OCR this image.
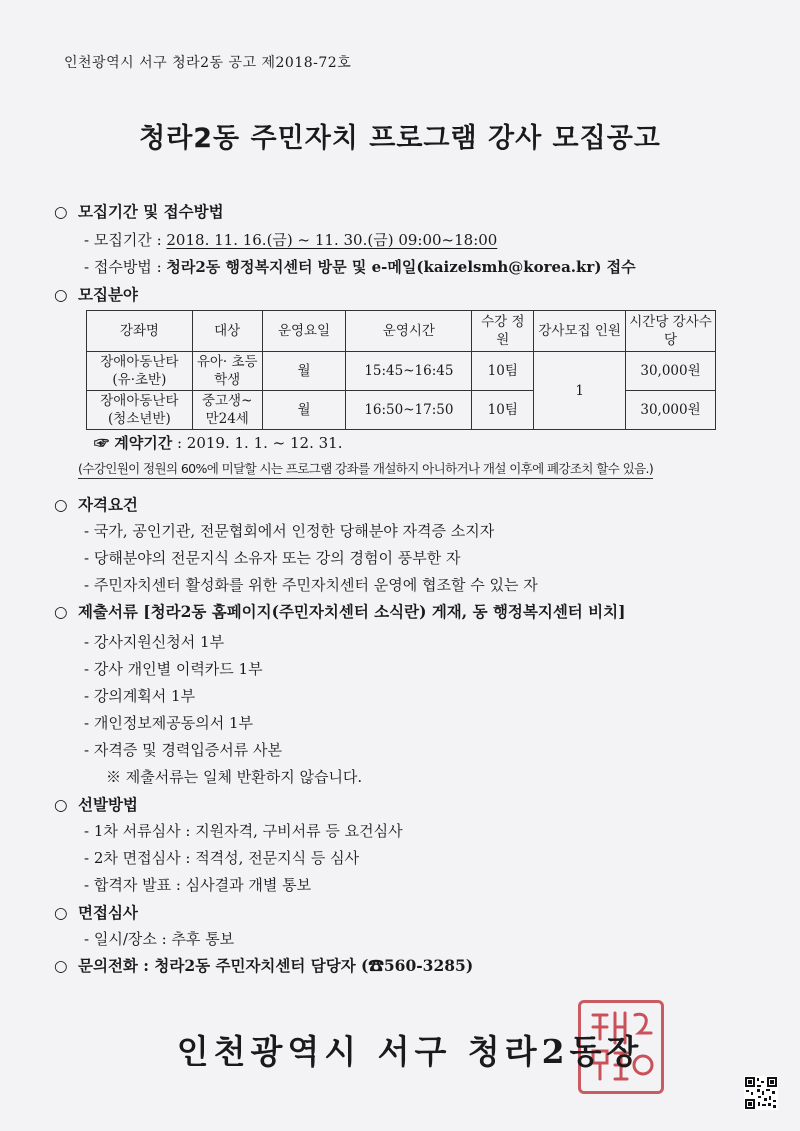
인천광역시 서구 청라2동 공고 제2018-72호
청라2동 주민자치 프로그램 강사 모집공고
○ 모집기간 및 접수방법
- 모집기간 : 2018. 11. 16.(금) ~ 11. 30.(금) 09:00~18:00
- 접수방법 : 청라2동 행정복지센터 방문 및 e-메일(kaizelsmh@korea.kr) 접수
○ 모집분야
강좌명	대상	운영요일	운영시간	수강 정원	강사모집 인원	시간당 강사수당
장애아동난타 (유·초반)	유아· 초등학생	월	15:45~16:45	10팀	1	30,000원
장애아동난타 (청소년반)	중고생~ 만24세	월	16:50~17:50	10팀		30,000원
☞ 계약기간 : 2019. 1. 1. ~ 12. 31.
(수강인원이 정원의 60%에 미달할 시는 프로그램 강좌를 개설하지 아니하거나 개설 이후에 폐강조치 할수 있음.)
○ 자격요건
- 국가, 공인기관, 전문협회에서 인정한 당해분야 자격증 소지자
- 당해분야의 전문지식 소유자 또는 강의 경험이 풍부한 자
- 주민자치센터 활성화를 위한 주민자치센터 운영에 협조할 수 있는 자
○ 제출서류 [청라2동 홈페이지(주민자치센터 소식란) 게재, 동 행정복지센터 비치]
- 강사지원신청서 1부
- 강사 개인별 이력카드 1부
- 강의계획서 1부
- 개인정보제공동의서 1부
- 자격증 및 경력입증서류 사본
※ 제출서류는 일체 반환하지 않습니다.
○ 선발방법
- 1차 서류심사 : 지원자격, 구비서류 등 요건심사
- 2차 면접심사 : 적격성, 전문지식 등 심사
- 합격자 발표 : 심사결과 개별 통보
○ 면접심사
- 일시/장소 : 추후 통보
○ 문의전화 : 청라2동 주민자치센터 담당자 (☎560-3285)
인천광역시 서구 청라2동장
